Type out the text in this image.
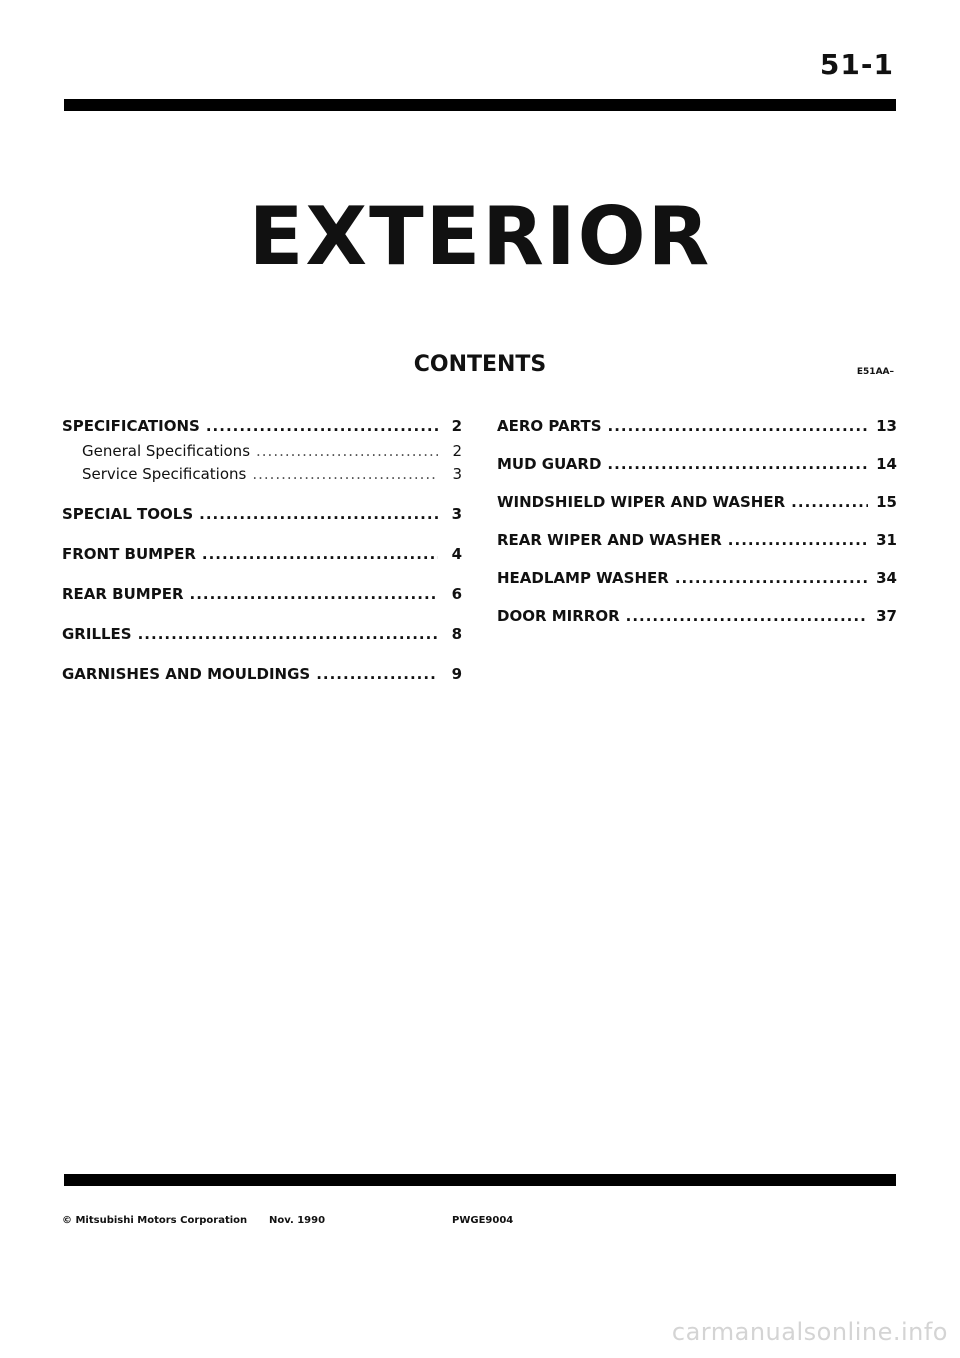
51-1
EXTERIOR
CONTENTS	E51AA–
SPECIFICATIONS .....	2
General Specifications .....	2
Service Specifications .....	3
SPECIAL TOOLS .....	3
FRONT BUMPER .....	4
REAR BUMPER .....	6
GRILLES .....	8
GARNISHES AND MOULDINGS .....	9
AERO PARTS .....	13
MUD GUARD .....	14
WINDSHIELD WIPER AND WASHER .....	15
REAR WIPER AND WASHER .....	31
HEADLAMP WASHER .....	34
DOOR MIRROR .....	37
© Mitsubishi Motors Corporation Nov. 1990	PWGE9004
carmanualsonline.info
